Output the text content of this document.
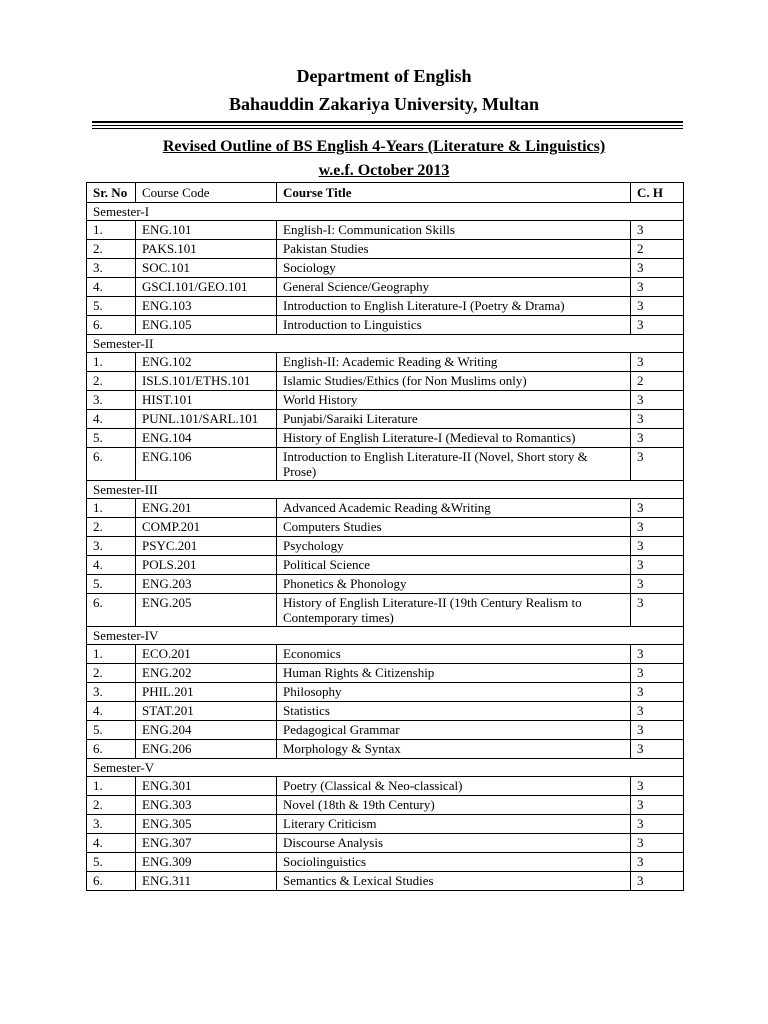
Department of English
Bahauddin Zakariya University, Multan
Revised Outline of BS English 4-Years (Literature & Linguistics)
w.e.f. October 2013
Sr. No	Course Code	Course Title	C. H
Semester-I			
1.	ENG.101	English-I: Communication Skills	3
2.	PAKS.101	Pakistan Studies	2
3.	SOC.101	Sociology	3
4.	GSCI.101/GEO.101	General Science/Geography	3
5.	ENG.103	Introduction to English Literature-I (Poetry & Drama)	3
6.	ENG.105	Introduction to Linguistics	3
Semester-II			
1.	ENG.102	English-II: Academic Reading & Writing	3
2.	ISLS.101/ETHS.101	Islamic Studies/Ethics (for Non Muslims only)	2
3.	HIST.101	World History	3
4.	PUNL.101/SARL.101	Punjabi/Saraiki Literature	3
5.	ENG.104	History of English Literature-I (Medieval to Romantics)	3
6.	ENG.106	Introduction to English Literature-II (Novel, Short story & Prose)	3
Semester-III			
1.	ENG.201	Advanced Academic Reading &Writing	3
2.	COMP.201	Computers Studies	3
3.	PSYC.201	Psychology	3
4.	POLS.201	Political Science	3
5.	ENG.203	Phonetics & Phonology	3
6.	ENG.205	History of English Literature-II (19th Century Realism to Contemporary times)	3
Semester-IV			
1.	ECO.201	Economics	3
2.	ENG.202	Human Rights & Citizenship	3
3.	PHIL.201	Philosophy	3
4.	STAT.201	Statistics	3
5.	ENG.204	Pedagogical Grammar	3
6.	ENG.206	Morphology & Syntax	3
Semester-V			
1.	ENG.301	Poetry (Classical & Neo-classical)	3
2.	ENG.303	Novel (18th & 19th Century)	3
3.	ENG.305	Literary Criticism	3
4.	ENG.307	Discourse Analysis	3
5.	ENG.309	Sociolinguistics	3
6.	ENG.311	Semantics & Lexical Studies	3
